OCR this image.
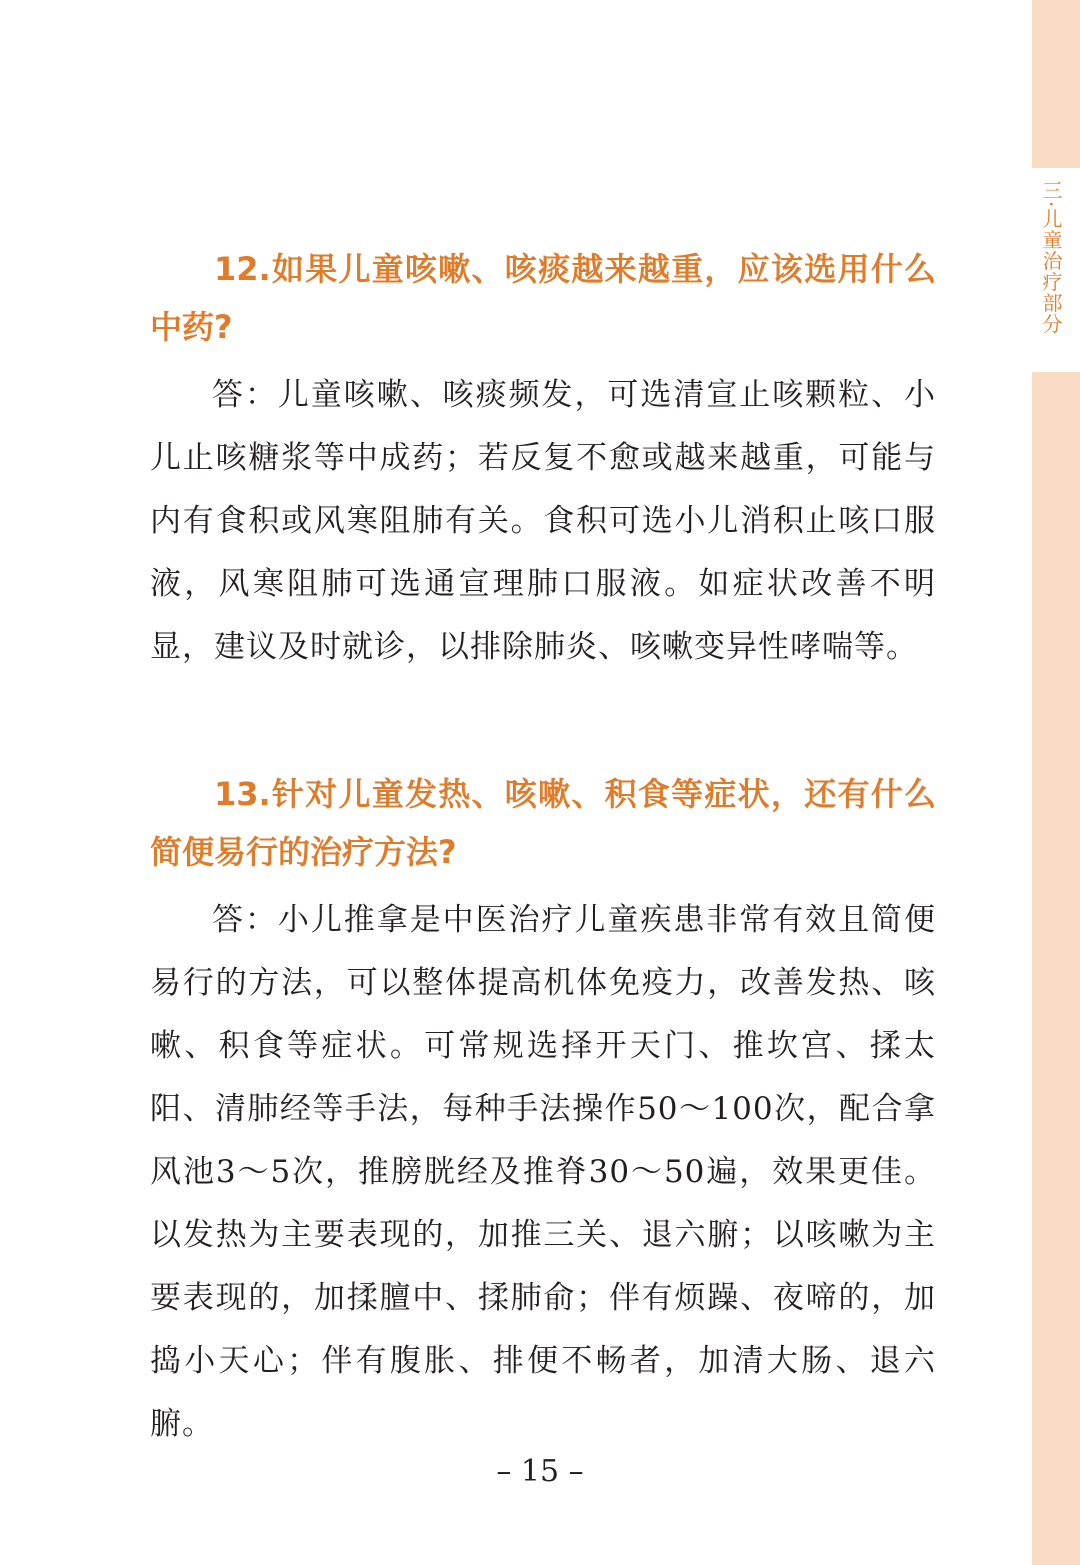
三·儿童治疗部分

12.如果儿童咳嗽、咳痰越来越重，应该选用什么中药?

答：儿童咳嗽、咳痰频发，可选清宣止咳颗粒、小儿止咳糖浆等中成药；若反复不愈或越来越重，可能与内有食积或风寒阻肺有关。食积可选小儿消积止咳口服液，风寒阻肺可选通宣理肺口服液。如症状改善不明显，建议及时就诊，以排除肺炎、咳嗽变异性哮喘等。

13.针对儿童发热、咳嗽、积食等症状，还有什么简便易行的治疗方法?

答：小儿推拿是中医治疗儿童疾患非常有效且简便易行的方法，可以整体提高机体免疫力，改善发热、咳嗽、积食等症状。可常规选择开天门、推坎宫、揉太阳、清肺经等手法，每种手法操作50～100次，配合拿风池3～5次，推膀胱经及推脊30～50遍，效果更佳。以发热为主要表现的，加推三关、退六腑；以咳嗽为主要表现的，加揉膻中、揉肺俞；伴有烦躁、夜啼的，加捣小天心；伴有腹胀、排便不畅者，加清大肠、退六腑。

– 15 –
